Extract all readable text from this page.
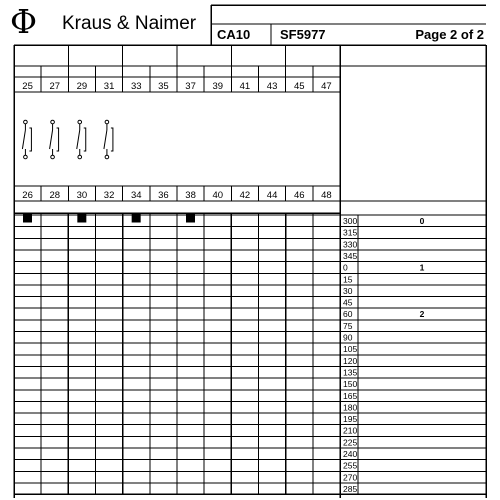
25 27 29 31 33 35 37 39 41 43 45 47
26 28 30 32 34 36 38 40 42 44 46 48
300
315
330
345
0
15
30
45
60
75
90
105
120
135
150
165
180
195
210
225
240
255
270
285
0
1
2
Φ Kraus & Naimer
CA10 SF5977	Page 2 of 2
